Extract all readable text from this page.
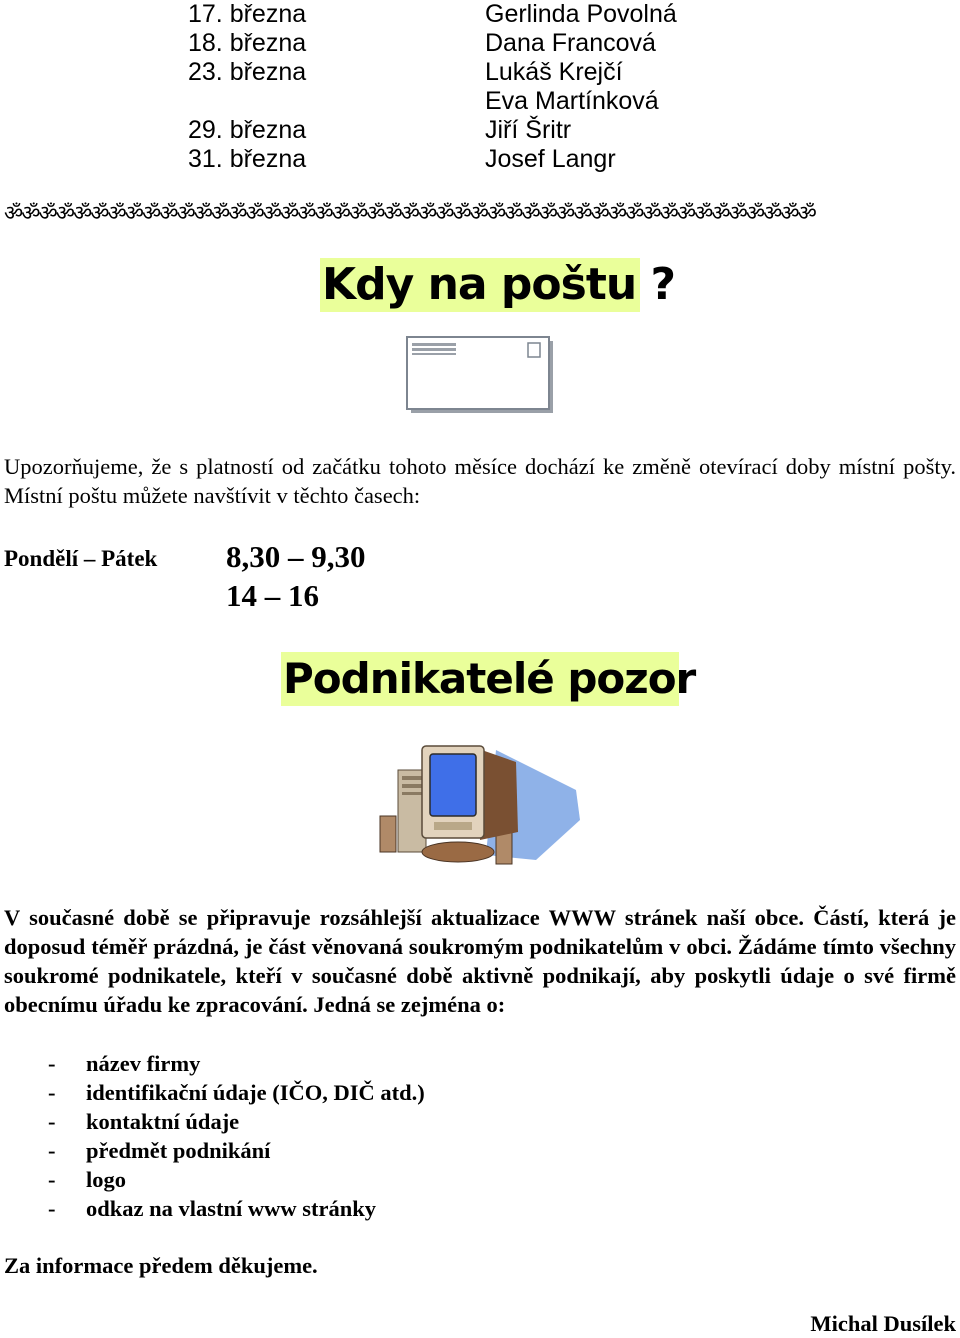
17. března	Gerlinda Povolná
18. března	Dana Francová
23. března	Lukáš Krejčí
Eva Martínková
29. března	Jiří Šritr
31. března	Josef Langr
ॐॐॐॐॐॐॐॐॐॐॐॐॐॐॐॐॐॐॐॐॐॐॐॐॐॐॐॐॐॐॐॐॐॐॐॐॐॐॐॐॐॐॐॐॐॐॐ
Kdy na poštu ?
Upozorňujeme, že s platností od začátku tohoto měsíce dochází ke změně otevírací doby místní pošty. Místní poštu můžete navštívit v těchto časech:
Pondělí – Pátek 8,30 – 9,30
14 – 16
Podnikatelé pozor
V současné době se připravuje rozsáhlejší aktualizace WWW stránek naší obce. Částí, která je doposud téměř prázdná, je část věnovaná soukromým podnikatelům v obci. Žádáme tímto všechny soukromé podnikatele, kteří v současné době aktivně podnikají, aby poskytli údaje o své firmě obecnímu úřadu ke zpracování. Jedná se zejména o:
- název firmy
- identifikační údaje (IČO, DIČ atd.)
- kontaktní údaje
- předmět podnikání
- logo
- odkaz na vlastní www stránky
Za informace předem děkujeme.
Michal Dusílek
